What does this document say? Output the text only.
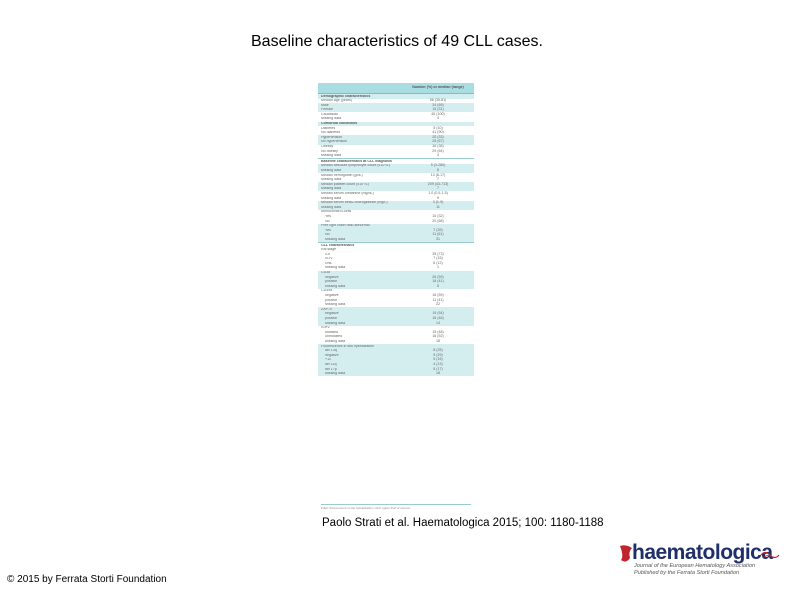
Baseline characteristics of 49 CLL cases.
Number (%) or median (range)
Demographic characteristics
Median age (years)	56 (35-81)
Male	34 (69)
Female	15 (31)
Caucasian	45 (100)
Missing data	4
Comorbid conditions
Diabetes	5 (10)
No diabetes	41 (90)
Hypertension	20 (33)
No hypertension	25 (67)
Obesity	16 (36)
No obesity	29 (64)
Missing data	4
Baseline characteristics at CLL diagnosis
Median absolute lymphocyte count (x10⁹/L)	5 (3-280)
Missing data	6
Median hemoglobin (g/dL)	13 (8-17)
Missing data	7
Median platelet count (x10⁹/L)	209 (43-713)
Missing data	7
Median serum creatinine (mg/dL)	1.0 (0.5-1.5)
Missing data	9
Median serum beta2-microglobulin (mg/L)	3 (1-9)
Missing data	11
Monoclonal B-cells
Yes	10 (32)
No	20 (68)
Free light chain ratio abnormal
Yes	7 (39)
No	11 (61)
Missing data	31
CLL characteristics
Rai stage
0-II	35 (73)
III-IV	7 (15)
Unk.	6 (12)
Missing data	1
CD38
negative	26 (59)
positive	18 (41)
Missing data	5
CD49d
negative	16 (59)
positive	11 (41)
Missing data	22
ZAP70
negative	19 (54)
positive	16 (46)
Missing data	14
IGHV
mutated	15 (48)
unmutated	16 (52)
Missing data	18
Fluorescence in situ hybridization
del 13q	8 (25)
negative	9 (29)
+12	5 (16)
del 11q	4 (13)
del 17p	5 (17)
Missing data	18
FISH: fluorescence in situ hybridization; ULN: upper limit of normal.
Paolo Strati et al. Haematologica 2015; 100: 1180-1188
© 2015 by Ferrata Storti Foundation
haematologica
Journal of the European Hematology Association
Published by the Ferrata Storti Foundation
